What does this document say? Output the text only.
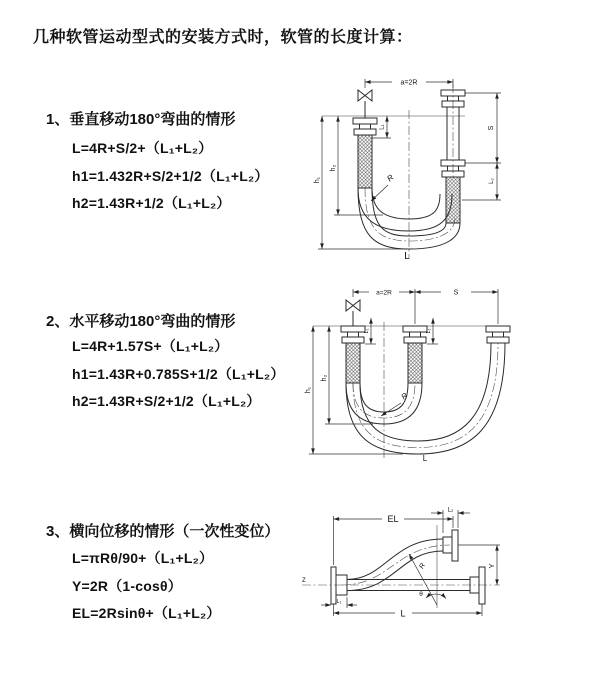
几种软管运动型式的安装方式时，软管的长度计算：
1、垂直移动180°弯曲的情形
L=4R+S/2+（L₁+L₂）
h1=1.432R+S/2+1/2（L₁+L₂）
h2=1.43R+1/2（L₁+L₂）
a=2R
S
L₂
L₁
h₁
h₂
R
L
2、水平移动180°弯曲的情形
L=4R+1.57S+（L₁+L₂）
h1=1.43R+0.785S+1/2（L₁+L₂）
h2=1.43R+S/2+1/2（L₁+L₂）
a=2R	S
L₁	L₁
h₁
h₂
R
L
3、横向位移的情形（一次性变位）
L=πRθ/90+（L₁+L₂）
Y=2R（1-cosθ）
EL=2Rsinθ+（L₁+L₂）
Z
R
θ
EL
L₂
Y
L
L₁
